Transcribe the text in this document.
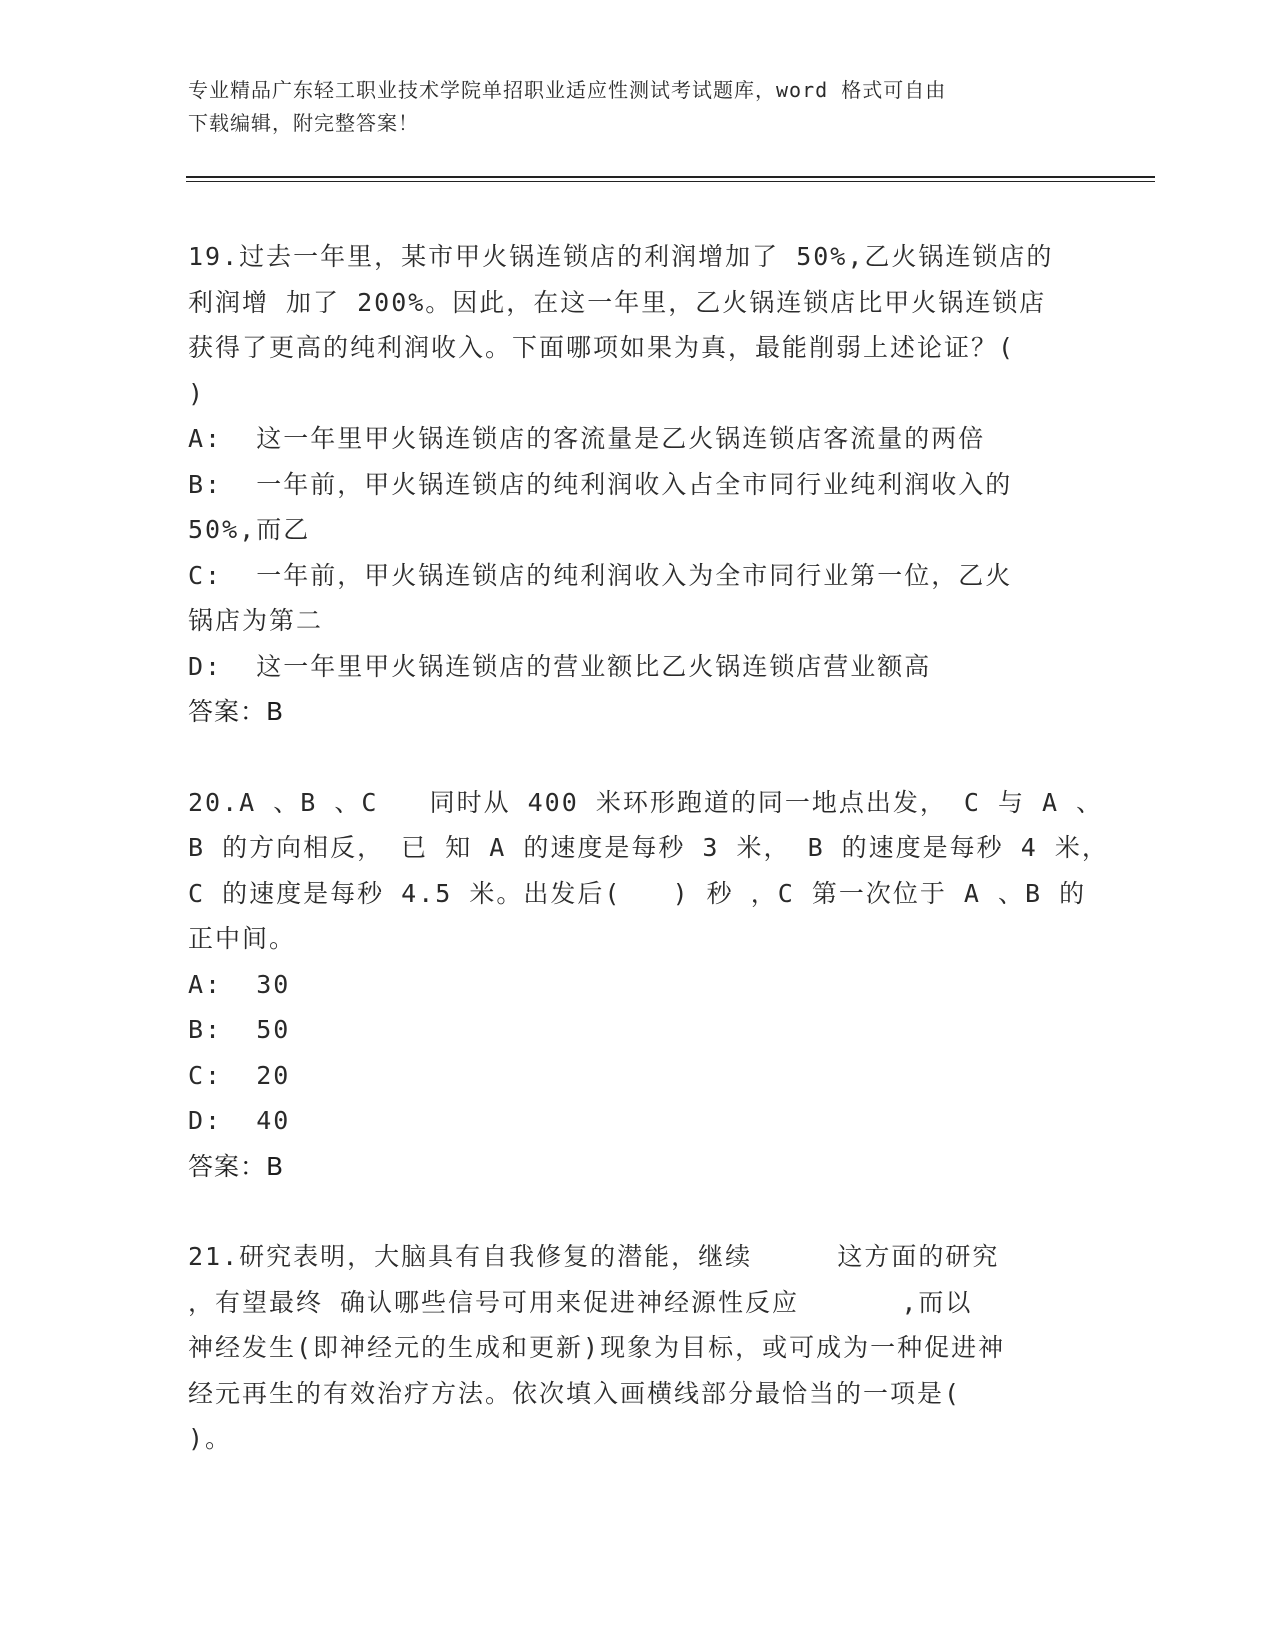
专业精品广东轻工职业技术学院单招职业适应性测试考试题库，word 格式可自由
下载编辑，附完整答案！
19.过去一年里，某市甲火锅连锁店的利润增加了 50%,乙火锅连锁店的
利润增 加了 200%。因此，在这一年里，乙火锅连锁店比甲火锅连锁店
获得了更高的纯利润收入。下面哪项如果为真，最能削弱上述论证？(
)
A:  这一年里甲火锅连锁店的客流量是乙火锅连锁店客流量的两倍
B:  一年前，甲火锅连锁店的纯利润收入占全市同行业纯利润收入的
50%,而乙
C:  一年前，甲火锅连锁店的纯利润收入为全市同行业第一位，乙火
锅店为第二
D:  这一年里甲火锅连锁店的营业额比乙火锅连锁店营业额高
答案：B
20.A 、B 、C   同时从 400 米环形跑道的同一地点出发， C 与 A 、
B 的方向相反， 已 知 A 的速度是每秒 3 米， B 的速度是每秒 4 米，
C 的速度是每秒 4.5 米。出发后(   ) 秒 ，C 第一次位于 A 、B 的
正中间。
A:  30
B:  50
C:  20
D:  40
答案：B
21.研究表明，大脑具有自我修复的潜能，继续     这方面的研究
，有望最终 确认哪些信号可用来促进神经源性反应      ,而以
神经发生(即神经元的生成和更新)现象为目标，或可成为一种促进神
经元再生的有效治疗方法。依次填入画横线部分最恰当的一项是(
)。
